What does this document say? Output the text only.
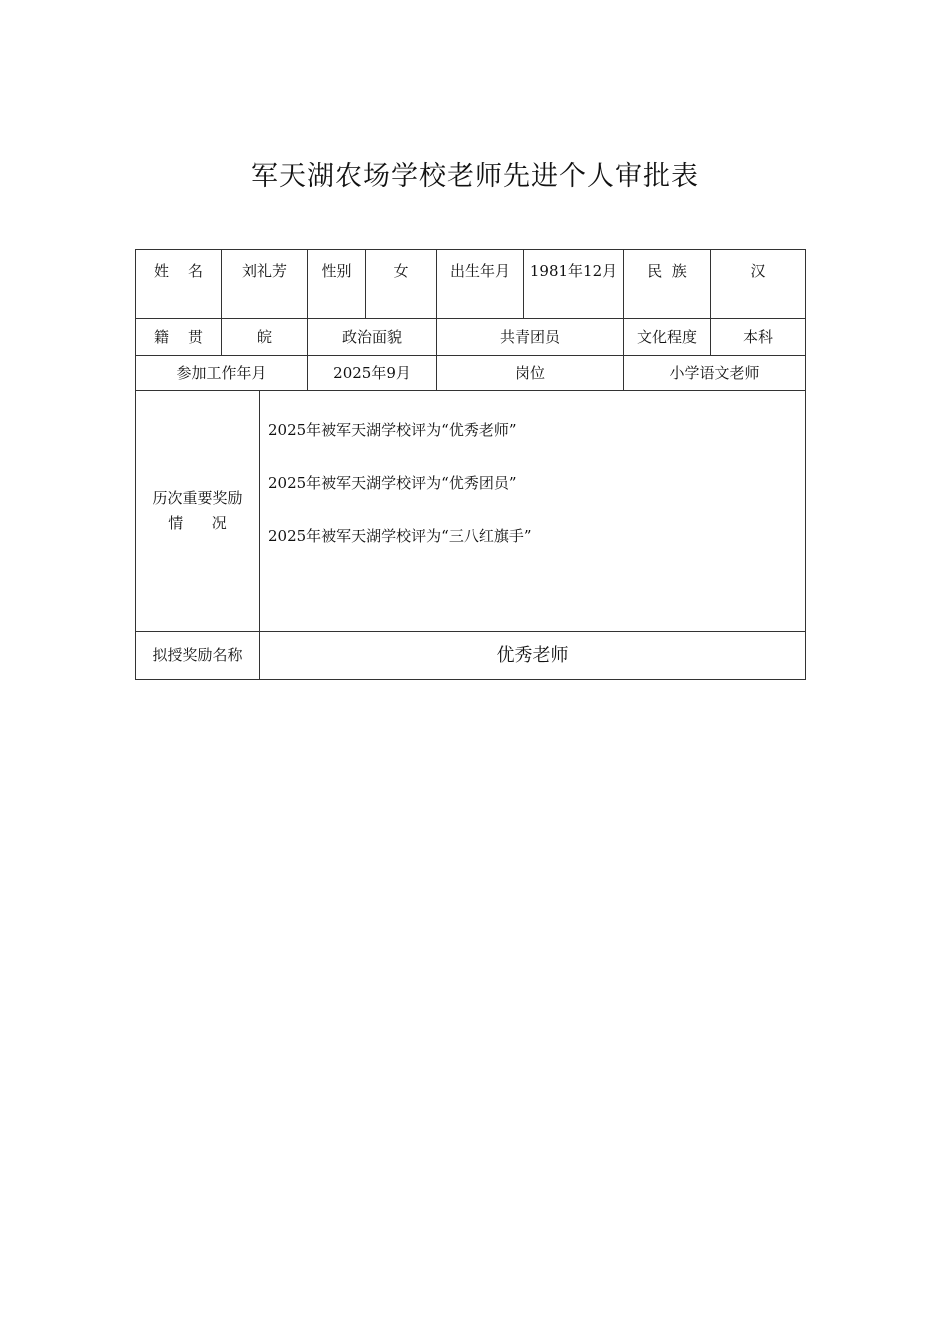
军天湖农场学校老师先进个人审批表
姓    名	刘礼芳		性别	女	出生年月	1981年12月	民  族	汉
籍    贯	皖		政治面貌		共青团员		文化程度	本科
参加工作年月			2025年9月		岗位		小学语文老师	

历次重要奖励
情      况		2025年被军天湖学校评为“优秀老师”
2025年被军天湖学校评为“优秀团员”
2025年被军天湖学校评为“三八红旗手”						

拟授奖励名称		优秀老师						
